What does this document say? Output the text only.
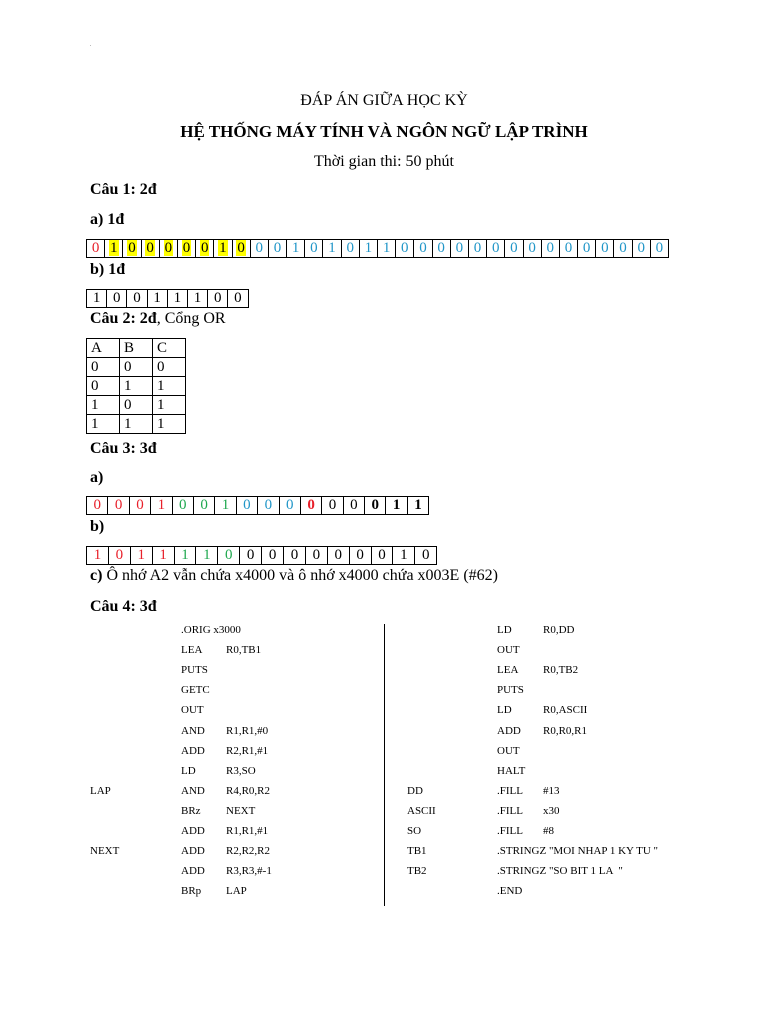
ĐÁP ÁN GIỮA HỌC KỲ
HỆ THỐNG MÁY TÍNH VÀ NGÔN NGỮ LẬP TRÌNH
Thời gian thi: 50 phút
Câu 1: 2đ
a) 1đ
0	1	0	0	0	0	0	1	0	0	0	1	0	1	0	1	1	0	0	0	0	0	0	0	0	0	0	0	0	0	0	0
b) 1đ
1	0	0	1	1	1	0	0
Câu 2: 2đ, Cổng OR
A	B	C
0	0	0
0	1	1
1	0	1
1	1	1
Câu 3: 3đ
a)
0	0	0	1	0	0	1	0	0	0	0	0	0	0	1	1
b)
1	0	1	1	1	1	0	0	0	0	0	0	0	0	1	0
c) Ô nhớ A2 vẫn chứa x4000 và ô nhớ x4000 chứa x003E (#62)
Câu 4: 3đ
.ORIG x3000
LEA R0,TB1
PUTS
GETC
OUT
AND R1,R1,#0
ADD R2,R1,#1
LD	R3,SO
LAP	AND R4,R0,R2
BRz NEXT
ADD R1,R1,#1
NEXT	ADD R2,R2,R2
ADD R3,R3,#-1
BRp LAP
LD	R0,DD
OUT
LEA R0,TB2
PUTS
LD	R0,ASCII
ADD R0,R0,R1
OUT
HALT
DD	.FILL #13
ASCII	.FILL x30
SO	.FILL #8
TB1	.STRINGZ "MOI NHAP 1 KY TU "
TB2	.STRINGZ "SO BIT 1 LA  "
.END
